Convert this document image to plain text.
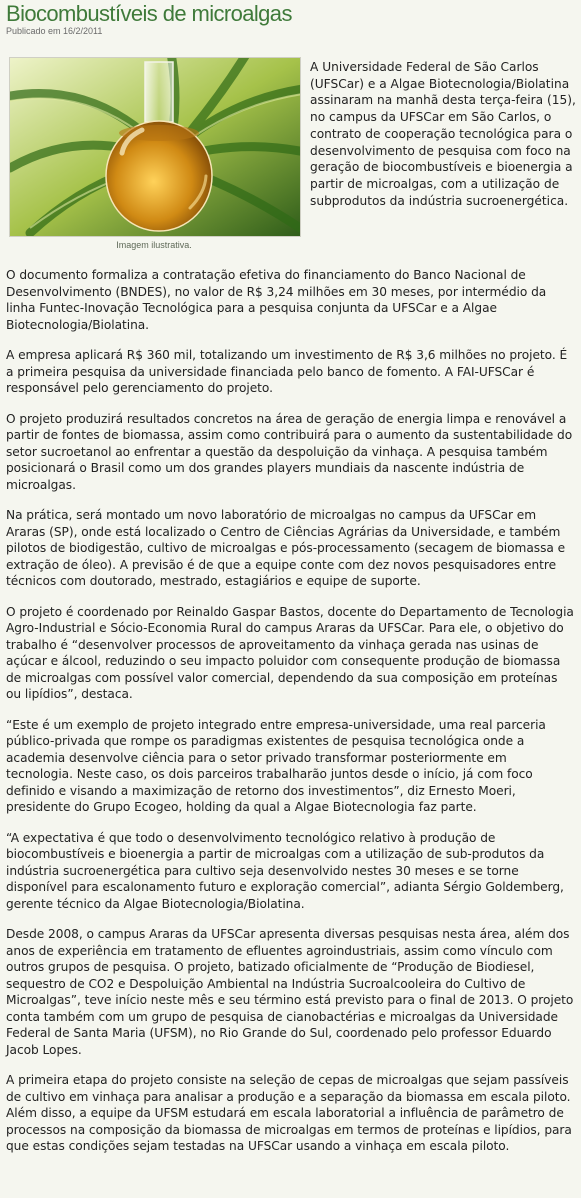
Biocombustíveis de microalgas
Publicado em 16/2/2011
Imagem ilustrativa.

A Universidade Federal de São Carlos (UFSCar) e a Algae Biotecnologia/Biolatina assinaram na manhã desta terça-feira (15), no campus da UFSCar em São Carlos, o contrato de cooperação tecnológica para o desenvolvimento de pesquisa com foco na geração de biocombustíveis e bioenergia a partir de microalgas, com a utilização de subprodutos da indústria sucroenergética.

O documento formaliza a contratação efetiva do financiamento do Banco Nacional de Desenvolvimento (BNDES), no valor de R$ 3,24 milhões em 30 meses, por intermédio da linha Funtec-Inovação Tecnológica para a pesquisa conjunta da UFSCar e a Algae Biotecnologia/Biolatina.

A empresa aplicará R$ 360 mil, totalizando um investimento de R$ 3,6 milhões no projeto. É a primeira pesquisa da universidade financiada pelo banco de fomento. A FAI-UFSCar é responsável pelo gerenciamento do projeto.

O projeto produzirá resultados concretos na área de geração de energia limpa e renovável a partir de fontes de biomassa, assim como contribuirá para o aumento da sustentabilidade do setor sucroetanol ao enfrentar a questão da despoluição da vinhaça. A pesquisa também posicionará o Brasil como um dos grandes players mundiais da nascente indústria de microalgas.

Na prática, será montado um novo laboratório de microalgas no campus da UFSCar em Araras (SP), onde está localizado o Centro de Ciências Agrárias da Universidade, e também pilotos de biodigestão, cultivo de microalgas e pós-processamento (secagem de biomassa e extração de óleo). A previsão é de que a equipe conte com dez novos pesquisadores entre técnicos com doutorado, mestrado, estagiários e equipe de suporte.

O projeto é coordenado por Reinaldo Gaspar Bastos, docente do Departamento de Tecnologia Agro-Industrial e Sócio-Economia Rural do campus Araras da UFSCar. Para ele, o objetivo do trabalho é “desenvolver processos de aproveitamento da vinhaça gerada nas usinas de açúcar e álcool, reduzindo o seu impacto poluidor com consequente produção de biomassa de microalgas com possível valor comercial, dependendo da sua composição em proteínas ou lipídios”, destaca.

“Este é um exemplo de projeto integrado entre empresa-universidade, uma real parceria público-privada que rompe os paradigmas existentes de pesquisa tecnológica onde a academia desenvolve ciência para o setor privado transformar posteriormente em tecnologia. Neste caso, os dois parceiros trabalharão juntos desde o início, já com foco definido e visando a maximização de retorno dos investimentos”, diz Ernesto Moeri, presidente do Grupo Ecogeo, holding da qual a Algae Biotecnologia faz parte.

“A expectativa é que todo o desenvolvimento tecnológico relativo à produção de biocombustíveis e bioenergia a partir de microalgas com a utilização de sub-produtos da indústria sucroenergética para cultivo seja desenvolvido nestes 30 meses e se torne disponível para escalonamento futuro e exploração comercial”, adianta Sérgio Goldemberg, gerente técnico da Algae Biotecnologia/Biolatina.

Desde 2008, o campus Araras da UFSCar apresenta diversas pesquisas nesta área, além dos anos de experiência em tratamento de efluentes agroindustriais, assim como vínculo com outros grupos de pesquisa. O projeto, batizado oficialmente de “Produção de Biodiesel, sequestro de CO2 e Despoluição Ambiental na Indústria Sucroalcooleira do Cultivo de Microalgas”, teve início neste mês e seu término está previsto para o final de 2013. O projeto conta também com um grupo de pesquisa de cianobactérias e microalgas da Universidade Federal de Santa Maria (UFSM), no Rio Grande do Sul, coordenado pelo professor Eduardo Jacob Lopes.

A primeira etapa do projeto consiste na seleção de cepas de microalgas que sejam passíveis de cultivo em vinhaça para analisar a produção e a separação da biomassa em escala piloto. Além disso, a equipe da UFSM estudará em escala laboratorial a influência de parâmetro de processos na composição da biomassa de microalgas em termos de proteínas e lipídios, para que estas condições sejam testadas na UFSCar usando a vinhaça em escala piloto.
